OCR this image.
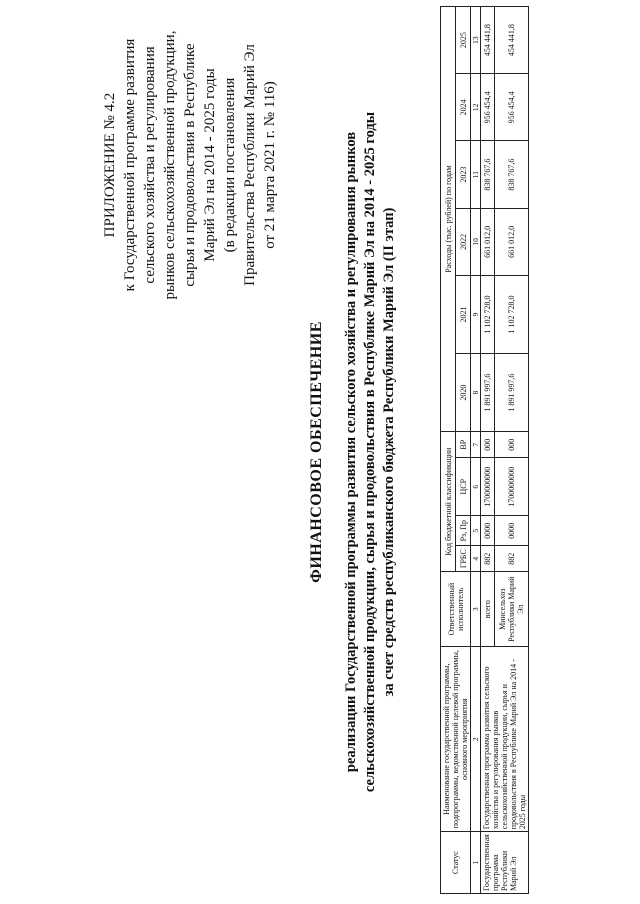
ПРИЛОЖЕНИЕ № 4.2 к Государственной программе развития сельского хозяйства и регулирования рынков сельскохозяйственной продукции, сырья и продовольствия в Республике Марий Эл на 2014 - 2025 годы (в редакции постановления Правительства Республики Марий Эл от 21 марта 2021 г. № 116)
ФИНАНСОВОЕ ОБЕСПЕЧЕНИЕ реализации Государственной программы развития сельского хозяйства и регулирования рынков сельскохозяйственной продукции, сырья и продовольствия в Республике Марий Эл на 2014 - 2025 годы за счет средств республиканского бюджета Республики Марий Эл (II этап)
Статус	Наименование государственной программы, подпрограммы, ведомственной целевой программы, основного мероприятия	Ответственный исполнитель	Код бюджетной классификации				Расходы (тыс. рублей) по годам					
			ГРБС	Рз, Пр	ЦСР	ВР	2020	2021	2022	2023	2024	2025
1	2	3	4	5	6	7	8	9	10	11	12	13
Государственная программа Республики Марий Эл	Государственная программа развития сельского хозяйства и регулирования рынков сельскохозяйственной продукции, сырья и продовольствия в Республике Марий Эл на 2014 - 2025 годы	всего	882	0000	1700000000	000	1 891 997,6	1 102 728,0	661 012,0	838 767,6	956 454,4	454 441,8
		Минсельхоз Республики Марий Эл	882	0000	1700000000	000	1 891 997,6	1 102 728,0	661 012,0	838 767,6	956 454,4	454 441,8
